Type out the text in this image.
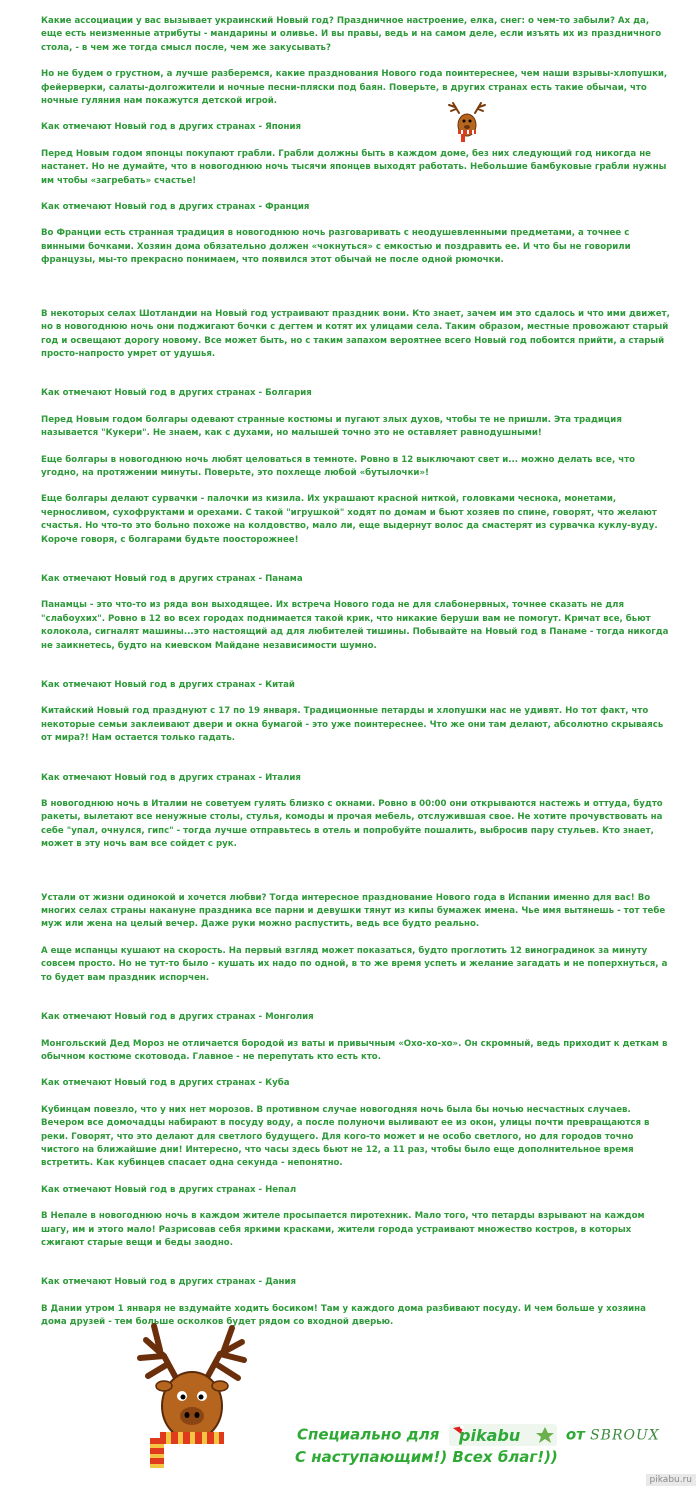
Какие ассоциации у вас вызывает украинский Новый год? Праздничное настроение, елка, снег: о чем-то забыли? Ах да, еще есть неизменные атрибуты - мандарины и оливье. И вы правы, ведь и на самом деле, если изъять их из праздничного стола, - в чем же тогда смысл после, чем же закусывать?

Но не будем о грустном, а лучше разберемся, какие празднования Нового года поинтереснее, чем наши взрывы-хлопушки, фейерверки, салаты-долгожители и ночные песни-пляски под баян. Поверьте, в других странах есть такие обычаи, что ночные гуляния нам покажутся детской игрой.

Как отмечают Новый год в других странах - Япония

Перед Новым годом японцы покупают грабли. Грабли должны быть в каждом доме, без них следующий год никогда не настанет. Но не думайте, что в новогоднюю ночь тысячи японцев выходят работать. Небольшие бамбуковые грабли нужны им чтобы «загребать» счастье!

Как отмечают Новый год в других странах - Франция

Во Франции есть странная традиция в новогоднюю ночь разговаривать с неодушевленными предметами, а точнее с винными бочками. Хозяин дома обязательно должен «чокнуться» с емкостью и поздравить ее. И что бы не говорили французы, мы-то прекрасно понимаем, что появился этот обычай не после одной рюмочки.

В некоторых селах Шотландии на Новый год устраивают праздник вони. Кто знает, зачем им это сдалось и что ими движет, но в новогоднюю ночь они поджигают бочки с дегтем и котят их улицами села. Таким образом, местные провожают старый год и освещают дорогу новому. Все может быть, но с таким запахом вероятнее всего Новый год побоится прийти, а старый просто-напросто умрет от удушья.

Как отмечают Новый год в других странах - Болгария

Перед Новым годом болгары одевают странные костюмы и пугают злых духов, чтобы те не пришли. Эта традиция называется "Кукери". Не знаем, как с духами, но малышей точно это не оставляет равнодушными!

Еще болгары в новогоднюю ночь любят целоваться в темноте. Ровно в 12 выключают свет и... можно делать все, что угодно, на протяжении минуты. Поверьте, это похлеще любой «бутылочки»!

Еще болгары делают сурвачки - палочки из кизила. Их украшают красной ниткой, головками чеснока, монетами, черносливом, сухофруктами и орехами. С такой "игрушкой" ходят по домам и бьют хозяев по спине, говорят, что желают счастья. Но что-то это больно похоже на колдовство, мало ли, еще выдернут волос да смастерят из сурвачка куклу-вуду. Короче говоря, с болгарами будьте поосторожнее!

Как отмечают Новый год в других странах - Панама

Панамцы - это что-то из ряда вон выходящее. Их встреча Нового года не для слабонервных, точнее сказать не для "слабоухих". Ровно в 12 во всех городах поднимается такой крик, что никакие беруши вам не помогут. Кричат все, бьют колокола, сигналят машины...это настоящий ад для любителей тишины. Побывайте на Новый год в Панаме - тогда никогда не заикнетесь, будто на киевском Майдане независимости шумно.

Как отмечают Новый год в других странах - Китай

Китайский Новый год празднуют с 17 по 19 января. Традиционные петарды и хлопушки нас не удивят. Но тот факт, что некоторые семьи заклеивают двери и окна бумагой - это уже поинтереснее. Что же они там делают, абсолютно скрываясь от мира?! Нам остается только гадать.

Как отмечают Новый год в других странах - Италия

В новогоднюю ночь в Италии не советуем гулять близко с окнами. Ровно в 00:00 они открываются настежь и оттуда, будто ракеты, вылетают все ненужные столы, стулья, комоды и прочая мебель, отслужившая свое. Не хотите прочувствовать на себе "упал, очнулся, гипс" - тогда лучше отправьтесь в отель и попробуйте пошалить, выбросив пару стульев. Кто знает, может в эту ночь вам все сойдет с рук.

Устали от жизни одинокой и хочется любви? Тогда интересное празднование Нового года в Испании именно для вас! Во многих селах страны накануне праздника все парни и девушки тянут из кипы бумажек имена. Чье имя вытянешь - тот тебе муж или жена на целый вечер. Даже руки можно распустить, ведь все будто реально.

А еще испанцы кушают на скорость. На первый взгляд может показаться, будто проглотить 12 виноградинок за минуту совсем просто. Но не тут-то было - кушать их надо по одной, в то же время успеть и желание загадать и не поперхнуться, а то будет вам праздник испорчен.

Как отмечают Новый год в других странах - Монголия

Монгольский Дед Мороз не отличается бородой из ваты и привычным «Охо-хо-хо». Он скромный, ведь приходит к деткам в обычном костюме скотовода. Главное - не перепутать кто есть кто.

Как отмечают Новый год в других странах - Куба

Кубинцам повезло, что у них нет морозов. В противном случае новогодняя ночь была бы ночью несчастных случаев. Вечером все домочадцы набирают в посуду воду, а после полуночи выливают ее из окон, улицы почти превращаются в реки. Говорят, что это делают для светлого будущего. Для кого-то может и не особо светлого, но для городов точно чистого на ближайшие дни! Интересно, что часы здесь бьют не 12, а 11 раз, чтобы было еще дополнительное время встретить. Как кубинцев спасает одна секунда - непонятно.

Как отмечают Новый год в других странах - Непал

В Непале в новогоднюю ночь в каждом жителе просыпается пиротехник. Мало того, что петарды взрывают на каждом шагу, им и этого мало! Разрисовав себя яркими красками, жители города устраивают множество костров, в которых сжигают старые вещи и беды заодно.

Как отмечают Новый год в других странах - Дания

В Дании утром 1 января не вздумайте ходить босиком! Там у каждого дома разбивают посуду. И чем больше у хозяина дома друзей - тем больше осколков будет рядом со входной дверью.

Специально для pikabu	от SBROUX
С наступающим!) Всех благ!))
pikabu.ru
